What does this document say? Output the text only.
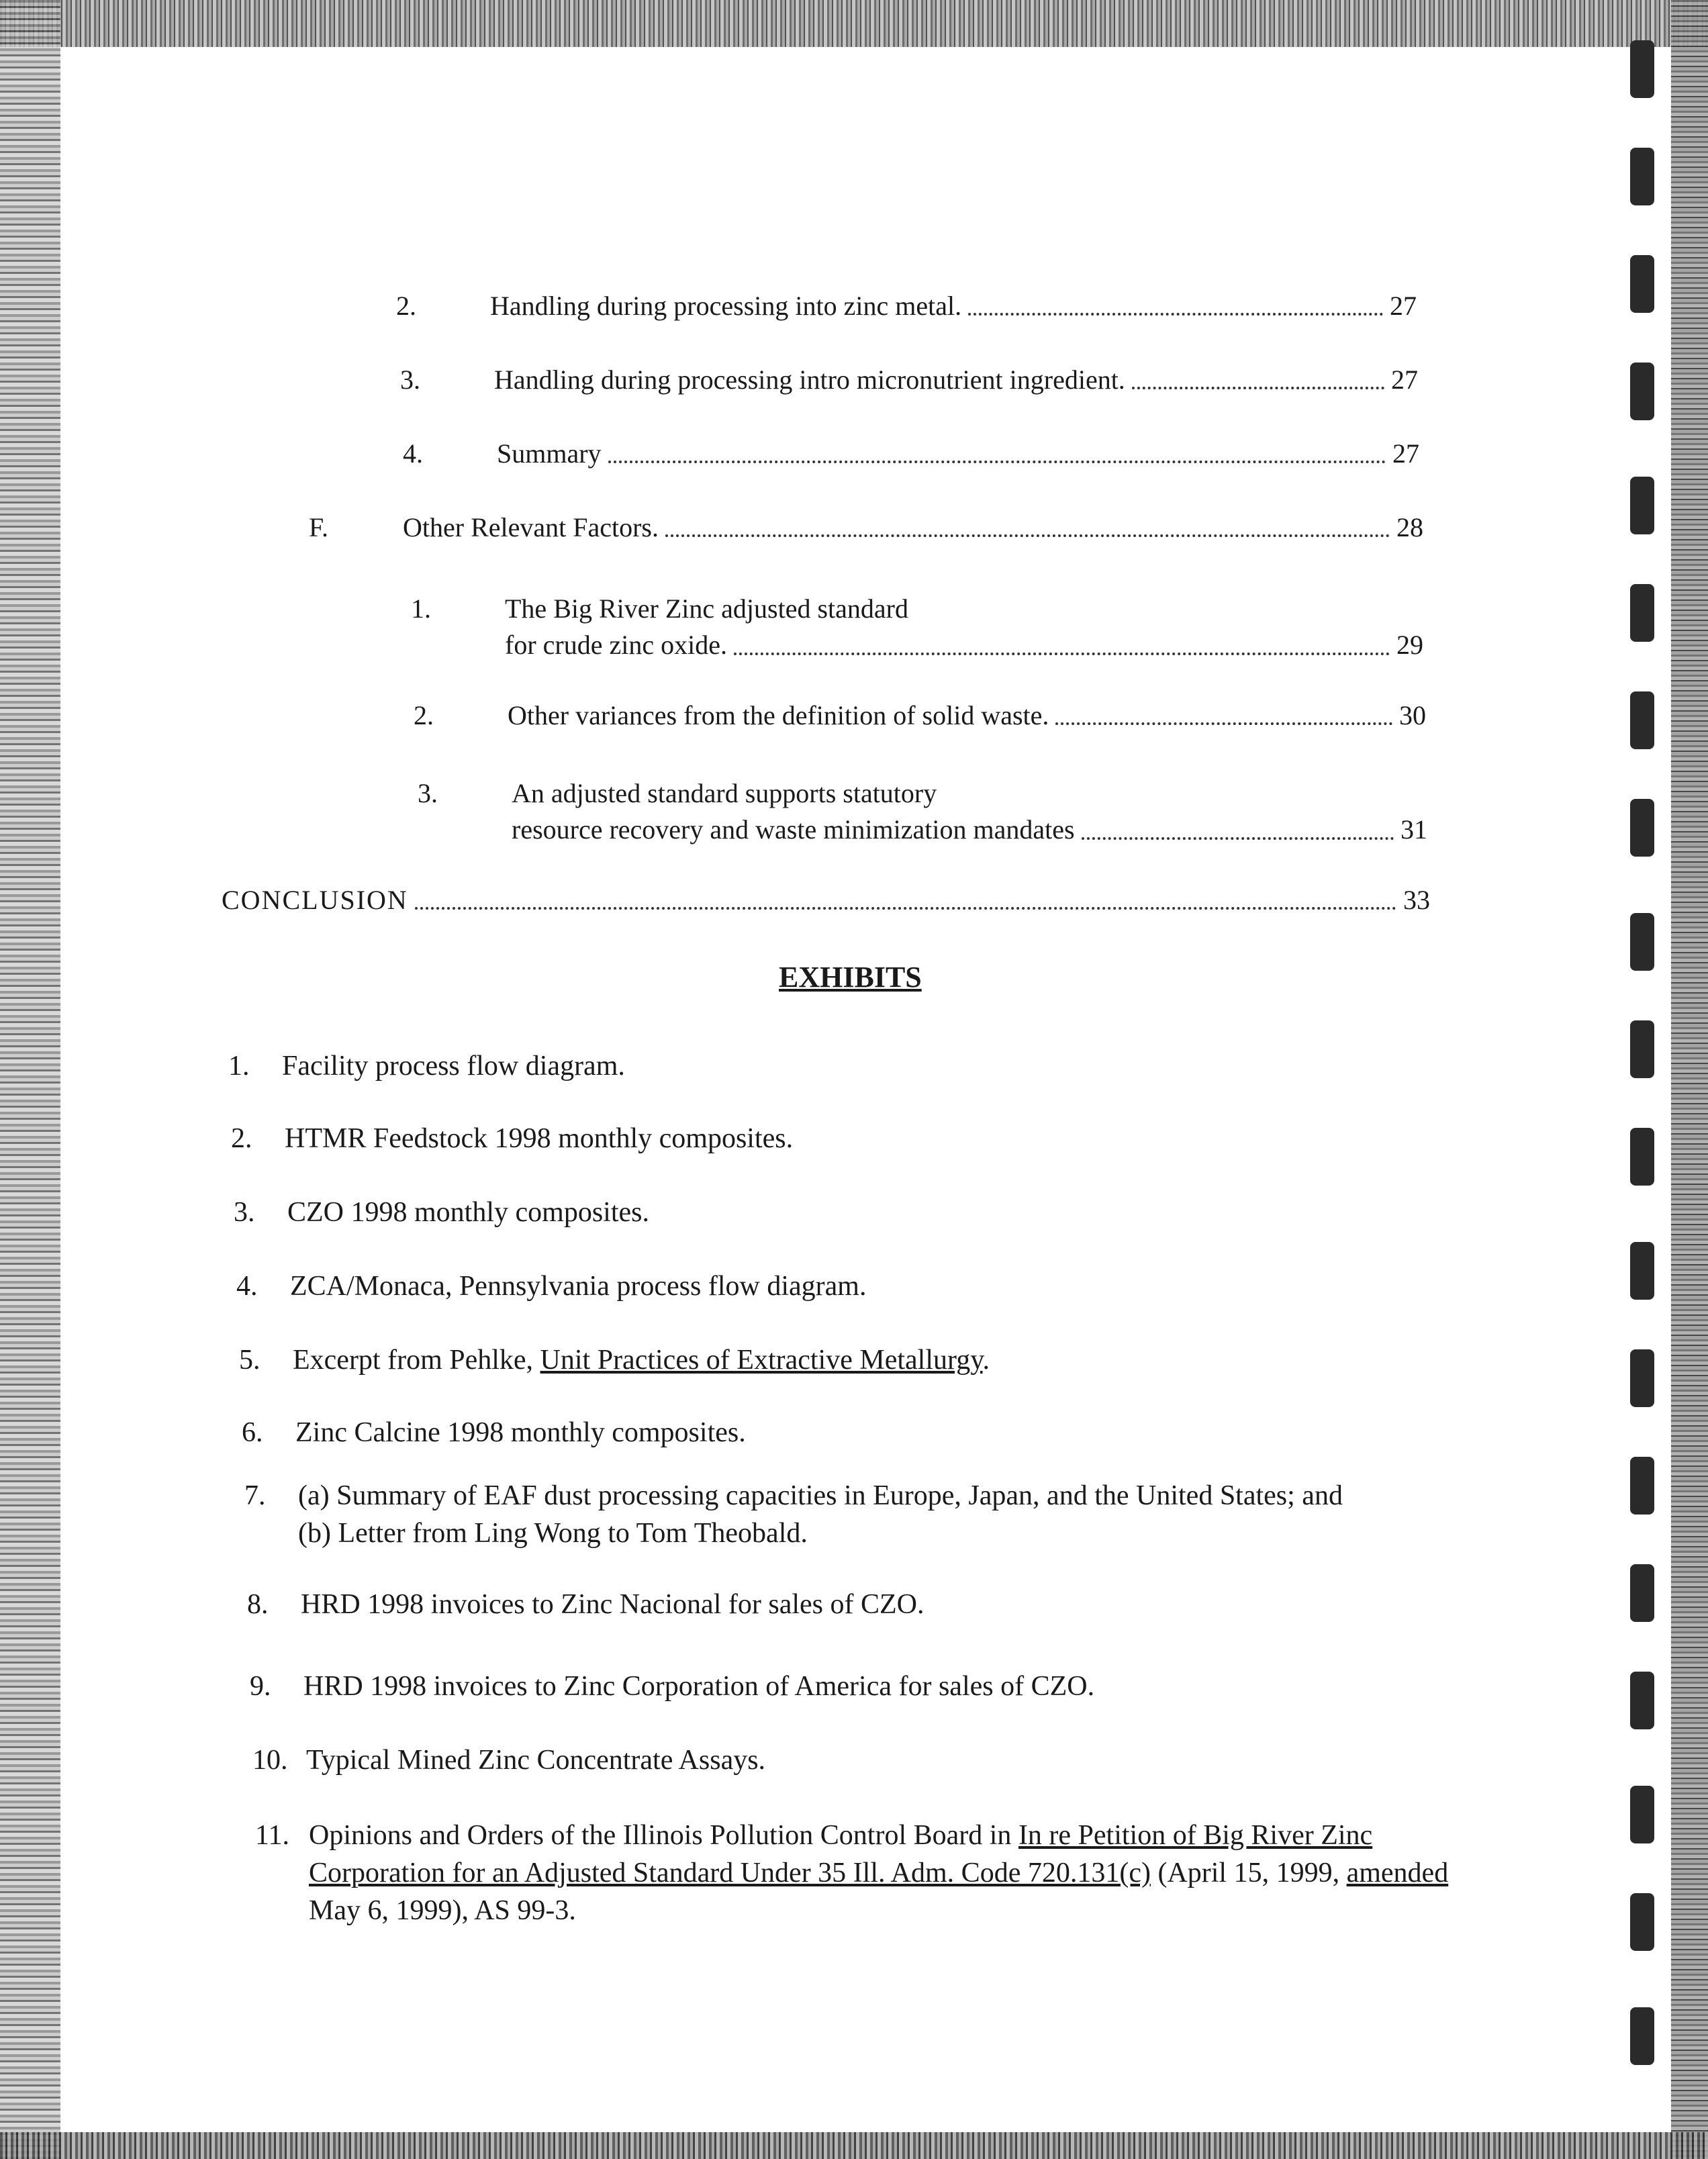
2.	Handling during processing into zinc metal.	27
3.	Handling during processing intro micronutrient ingredient.	27
4.	Summary	27
F.	Other Relevant Factors.	28
1.	The Big River Zinc adjusted standard
for crude zinc oxide.	29
2.	Other variances from the definition of solid waste.	30
3.	An adjusted standard supports statutory
resource recovery and waste minimization mandates	31
CONCLUSION	33
EXHIBITS
1.	Facility process flow diagram.
2.	HTMR Feedstock 1998 monthly composites.
3.	CZO 1998 monthly composites.
4.	ZCA/Monaca, Pennsylvania process flow diagram.
5.	Excerpt from Pehlke, Unit Practices of Extractive Metallurgy.
6.	Zinc Calcine 1998 monthly composites.
7.	(a) Summary of EAF dust processing capacities in Europe, Japan, and the United States; and
(b) Letter from Ling Wong to Tom Theobald.
8.	HRD 1998 invoices to Zinc Nacional for sales of CZO.
9.	HRD 1998 invoices to Zinc Corporation of America for sales of CZO.
10. Typical Mined Zinc Concentrate Assays.
11. Opinions and Orders of the Illinois Pollution Control Board in In re Petition of Big River Zinc Corporation for an Adjusted Standard Under 35 Ill. Adm. Code 720.131(c) (April 15, 1999, amended May 6, 1999), AS 99-3.
